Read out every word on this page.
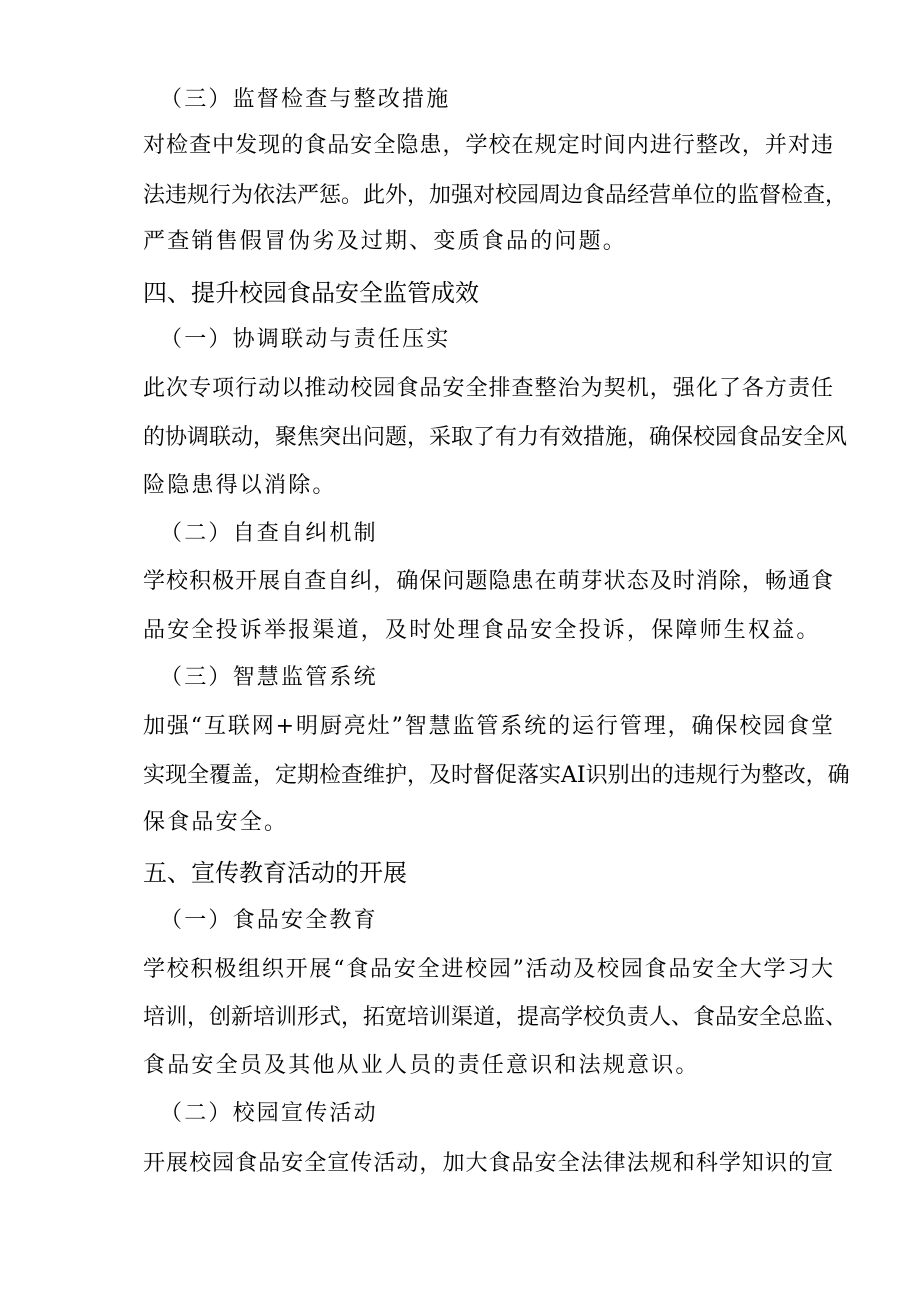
（三）监督检查与整改措施
对检查中发现的食品安全隐患，学校在规定时间内进行整改，并对违
法违规行为依法严惩。此外，加强对校园周边食品经营单位的监督检查，
严查销售假冒伪劣及过期、变质食品的问题。
四、提升校园食品安全监管成效
（一）协调联动与责任压实
此次专项行动以推动校园食品安全排查整治为契机，强化了各方责任
的协调联动，聚焦突出问题，采取了有力有效措施，确保校园食品安全风
险隐患得以消除。
（二）自查自纠机制
学校积极开展自查自纠，确保问题隐患在萌芽状态及时消除，畅通食
品安全投诉举报渠道，及时处理食品安全投诉，保障师生权益。
（三）智慧监管系统
加强“互联网+明厨亮灶”智慧监管系统的运行管理，确保校园食堂
实现全覆盖，定期检查维护，及时督促落实AI识别出的违规行为整改，确
保食品安全。
五、宣传教育活动的开展
（一）食品安全教育
学校积极组织开展“食品安全进校园”活动及校园食品安全大学习大
培训，创新培训形式，拓宽培训渠道，提高学校负责人、食品安全总监、
食品安全员及其他从业人员的责任意识和法规意识。
（二）校园宣传活动
开展校园食品安全宣传活动，加大食品安全法律法规和科学知识的宣
